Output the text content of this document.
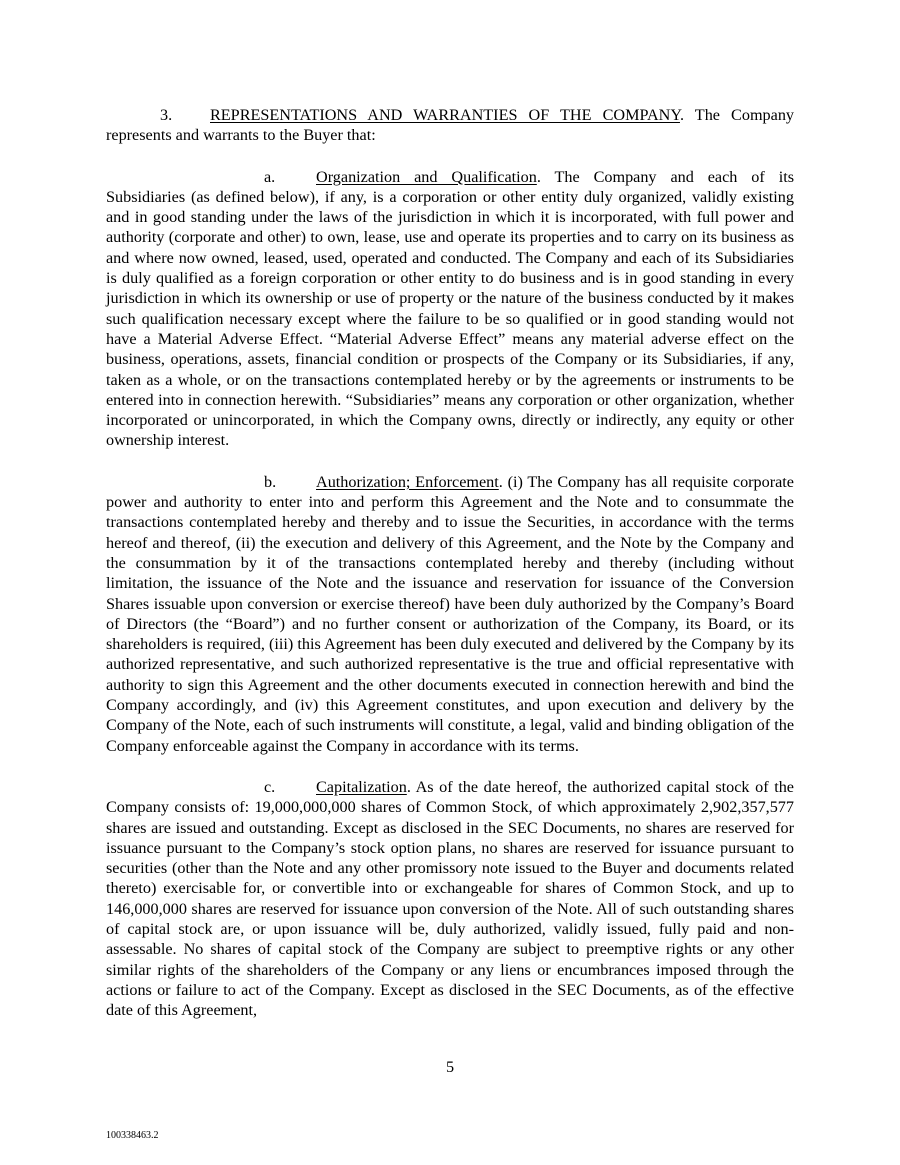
3. REPRESENTATIONS AND WARRANTIES OF THE COMPANY. The Company represents and warrants to the Buyer that:

a.	Organization and Qualification. The Company and each of its Subsidiaries (as defined below), if any, is a corporation or other entity duly organized, validly existing and in good standing under the laws of the jurisdiction in which it is incorporated, with full power and authority (corporate and other) to own, lease, use and operate its properties and to carry on its business as and where now owned, leased, used, operated and conducted. The Company and each of its Subsidiaries is duly qualified as a foreign corporation or other entity to do business and is in good standing in every jurisdiction in which its ownership or use of property or the nature of the business conducted by it makes such qualification necessary except where the failure to be so qualified or in good standing would not have a Material Adverse Effect. “Material Adverse Effect” means any material adverse effect on the business, operations, assets, financial condition or prospects of the Company or its Subsidiaries, if any, taken as a whole, or on the transactions contemplated hereby or by the agreements or instruments to be entered into in connection herewith. “Subsidiaries” means any corporation or other organization, whether incorporated or unincorporated, in which the Company owns, directly or indirectly, any equity or other ownership interest.

b. Authorization; Enforcement. (i) The Company has all requisite corporate power and authority to enter into and perform this Agreement and the Note and to consummate the transactions contemplated hereby and thereby and to issue the Securities, in accordance with the terms hereof and thereof, (ii) the execution and delivery of this Agreement, and the Note by the Company and the consummation by it of the transactions contemplated hereby and thereby (including without limitation, the issuance of the Note and the issuance and reservation for issuance of the Conversion Shares issuable upon conversion or exercise thereof) have been duly authorized by the Company’s Board of Directors (the “Board”) and no further consent or authorization of the Company, its Board, or its shareholders is required, (iii) this Agreement has been duly executed and delivered by the Company by its authorized representative, and such authorized representative is the true and official representative with authority to sign this Agreement and the other documents executed in connection herewith and bind the Company accordingly, and (iv) this Agreement constitutes, and upon execution and delivery by the Company of the Note, each of such instruments will constitute, a legal, valid and binding obligation of the Company enforceable against the Company in accordance with its terms.

c.	Capitalization. As of the date hereof, the authorized capital stock of the Company consists of: 19,000,000,000 shares of Common Stock, of which approximately 2,902,357,577 shares are issued and outstanding. Except as disclosed in the SEC Documents, no shares are reserved for issuance pursuant to the Company’s stock option plans, no shares are reserved for issuance pursuant to securities (other than the Note and any other promissory note issued to the Buyer and documents related thereto) exercisable for, or convertible into or exchangeable for shares of Common Stock, and up to 146,000,000 shares are reserved for issuance upon conversion of the Note. All of such outstanding shares of capital stock are, or upon issuance will be, duly authorized, validly issued, fully paid and non-assessable. No shares of capital stock of the Company are subject to preemptive rights or any other similar rights of the shareholders of the Company or any liens or encumbrances imposed through the actions or failure to act of the Company. Except as disclosed in the SEC Documents, as of the effective date of this Agreement,

5
100338463.2
